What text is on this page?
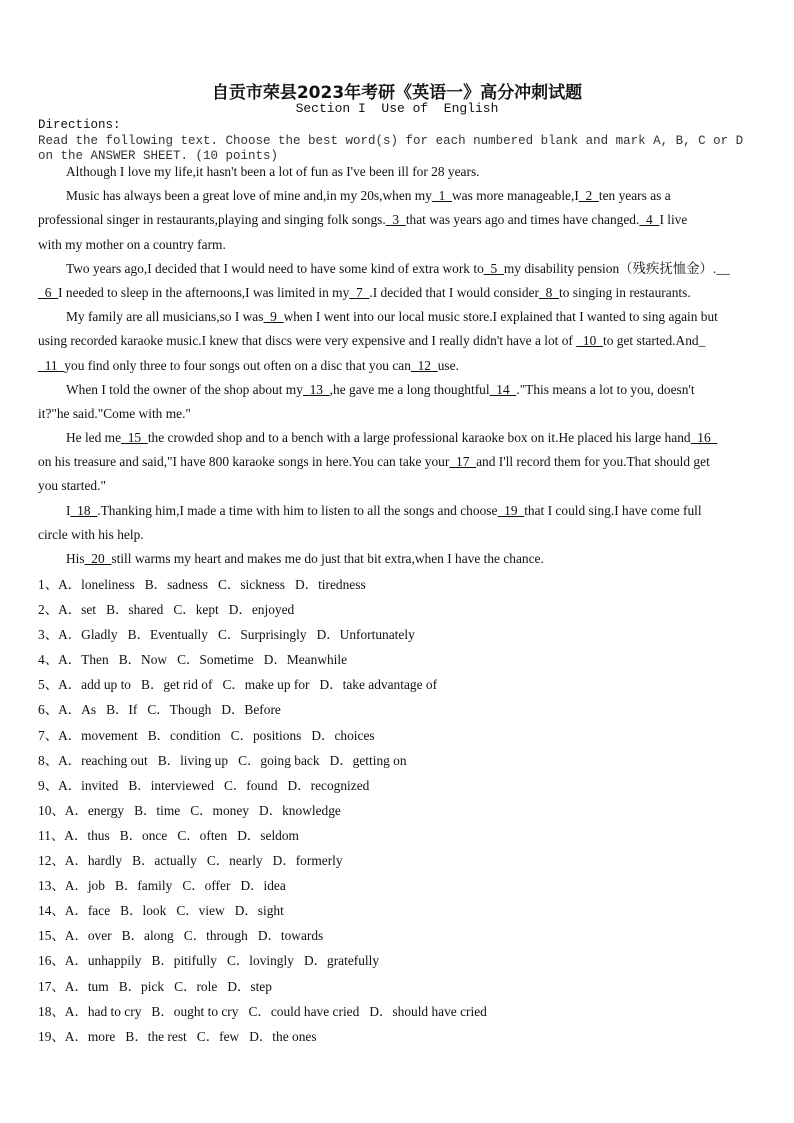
自贡市荣县2023年考研《英语一》高分冲刺试题
Section I  Use of  English
Directions:
Read the following text. Choose the best word(s) for each numbered blank and mark A, B, C or D on the ANSWER SHEET. (10 points)
Although I love my life,it hasn't been a lot of fun as I've been ill for 28 years.
Music has always been a great love of mine and,in my 20s,when my  1  was more manageable,I  2  ten years as a
professional singer in restaurants,playing and singing folk songs.  3  that was years ago and times have changed.  4  I live
with my mother on a country farm.
Two years ago,I decided that I would need to have some kind of extra work to  5  my disability pension（残疾抚恤金）.__
6  I needed to sleep in the afternoons,I was limited in my  7  .I decided that I would consider  8  to singing in restaurants.
My family are all musicians,so I was  9  when I went into our local music store.I explained that I wanted to sing again but
using recorded karaoke music.I knew that discs were very expensive and I really didn't have a lot of   10  to get started.And_
11  you find only three to four songs out often on a disc that you can  12  use.
When I told the owner of the shop about my  13  ,he gave me a long thoughtful  14  ."This means a lot to you, doesn't
it?"he said."Come with me."
He led me  15  the crowded shop and to a bench with a large professional karaoke box on it.He placed his large hand  16
on his treasure and said,"I have 800 karaoke songs in here.You can take your  17  and I'll record them for you.That should get
you started."
I  18  .Thanking him,I made a time with him to listen to all the songs and choose  19  that I could sing.I have come full
circle with his help.
His  20  still warms my heart and makes me do just that bit extra,when I have the chance.
1、A．loneliness   B．sadness   C．sickness   D．tiredness
2、A．set   B．shared   C．kept   D．enjoyed
3、A．Gladly   B．Eventually   C．Surprisingly   D．Unfortunately
4、A．Then   B．Now   C．Sometime   D．Meanwhile
5、A．add up to   B．get rid of   C．make up for   D．take advantage of
6、A．As   B．If   C．Though   D．Before
7、A．movement   B．condition   C．positions   D．choices
8、A．reaching out   B．living up   C．going back   D．getting on
9、A．invited   B．interviewed   C．found   D．recognized
10、A．energy   B．time   C．money   D．knowledge
11、A．thus   B．once   C．often   D．seldom
12、A．hardly   B．actually   C．nearly   D．formerly
13、A．job   B．family   C．offer   D．idea
14、A．face   B．look   C．view   D．sight
15、A．over   B．along   C．through   D．towards
16、A．unhappily   B．pitifully   C．lovingly   D．gratefully
17、A．tum   B．pick   C．role   D．step
18、A．had to cry   B．ought to cry   C．could have cried   D．should have cried
19、A．more   B．the rest   C．few   D．the ones
